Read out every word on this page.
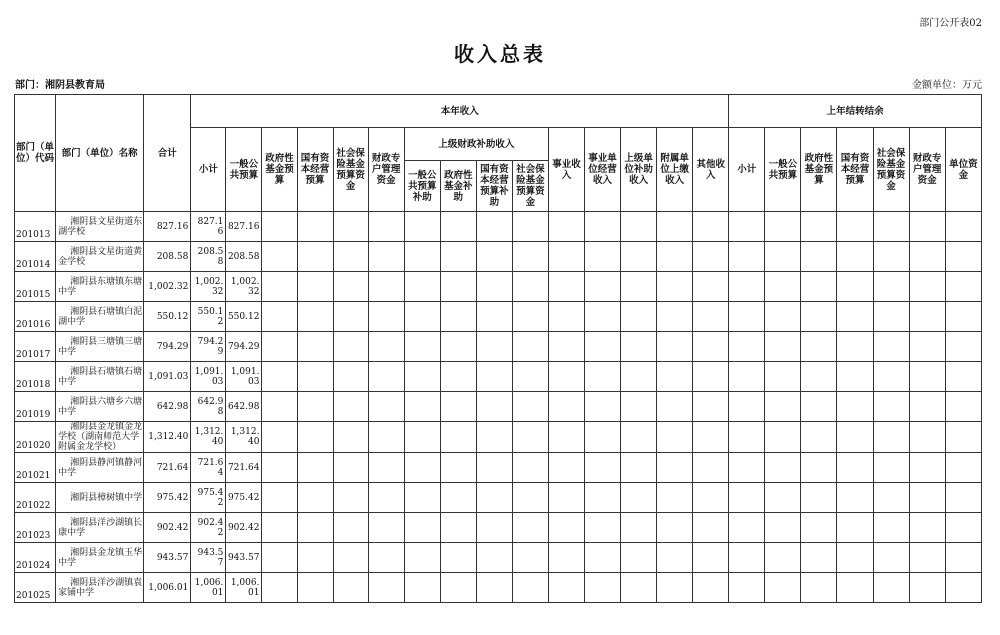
部门公开表02
收入总表
部门：湘阴县教育局	金额单位：万元
部门（单位）代码	部门（单位）名称	合计	本年收入															上年结转结余						
			小计	一般公共预算	政府性基金预算	国有资本经营预算	社会保险基金预算资金	财政专户管理资金	上级财政补助收入				事业收入	事业单位经营收入	上级单位补助收入	附属单位上缴收入	其他收入	小计	一般公共预算	政府性基金预算	国有资本经营预算	社会保险基金预算资金	财政专户管理资金	单位资金
									一般公共预算补助	政府性基金补助	国有资本经营预算补助	社会保险基金预算资金												
201013	湘阴县文星街道东湖学校	827.16	827.16	827.16																				
201014	湘阴县文星街道黄金学校	208.58	208.58	208.58																				
201015	湘阴县东塘镇东塘中学	1,002.32	1,002.32	1,002.32																				
201016	湘阴县石塘镇白泥湖中学	550.12	550.12	550.12																				
201017	湘阴县三塘镇三塘中学	794.29	794.29	794.29																				
201018	湘阴县石塘镇石塘中学	1,091.03	1,091.03	1,091.03																				
201019	湘阴县六塘乡六塘中学	642.98	642.98	642.98																				
201020	湘阴县金龙镇金龙学校（湖南师范大学附属金龙学校）	1,312.40	1,312.40	1,312.40																				
201021	湘阴县静河镇静河中学	721.64	721.64	721.64																				
201022	湘阴县樟树镇中学	975.42	975.42	975.42																				
201023	湘阴县洋沙湖镇长康中学	902.42	902.42	902.42																				
201024	湘阴县金龙镇玉华中学	943.57	943.57	943.57																				
201025	湘阴县洋沙湖镇袁家铺中学	1,006.01	1,006.01	1,006.01																				
